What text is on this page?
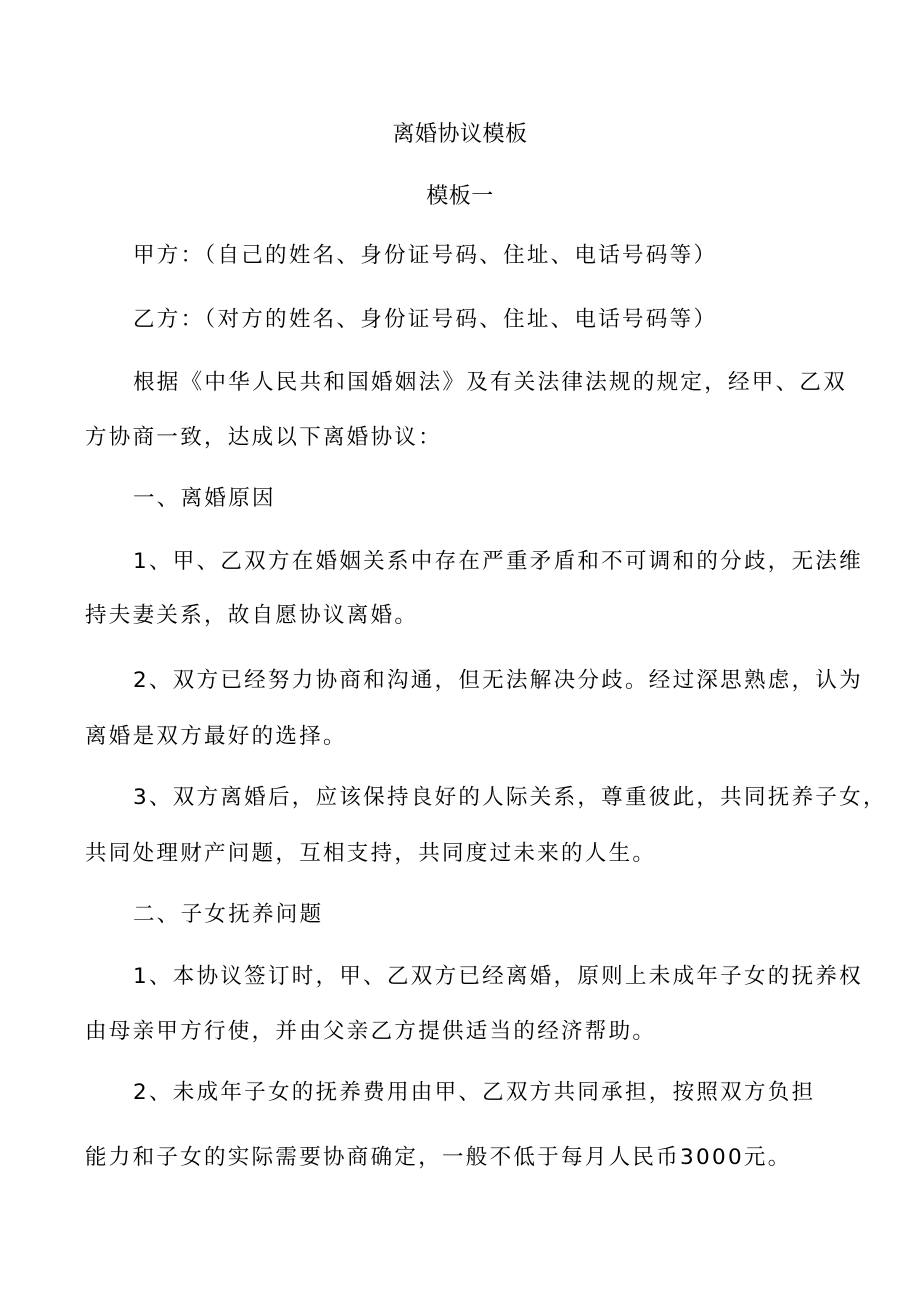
离婚协议模板
模板一
甲方：（自己的姓名、身份证号码、住址、电话号码等）
乙方：（对方的姓名、身份证号码、住址、电话号码等）
根据《中华人民共和国婚姻法》及有关法律法规的规定，经甲、乙双
方协商一致，达成以下离婚协议：
一、离婚原因
1、甲、乙双方在婚姻关系中存在严重矛盾和不可调和的分歧，无法维
持夫妻关系，故自愿协议离婚。
2、双方已经努力协商和沟通，但无法解决分歧。经过深思熟虑，认为
离婚是双方最好的选择。
3、双方离婚后，应该保持良好的人际关系，尊重彼此，共同抚养子女，
共同处理财产问题，互相支持，共同度过未来的人生。
二、子女抚养问题
1、本协议签订时，甲、乙双方已经离婚，原则上未成年子女的抚养权
由母亲甲方行使，并由父亲乙方提供适当的经济帮助。
2、未成年子女的抚养费用由甲、乙双方共同承担，按照双方负担
能力和子女的实际需要协商确定，一般不低于每月人民币3000元。
